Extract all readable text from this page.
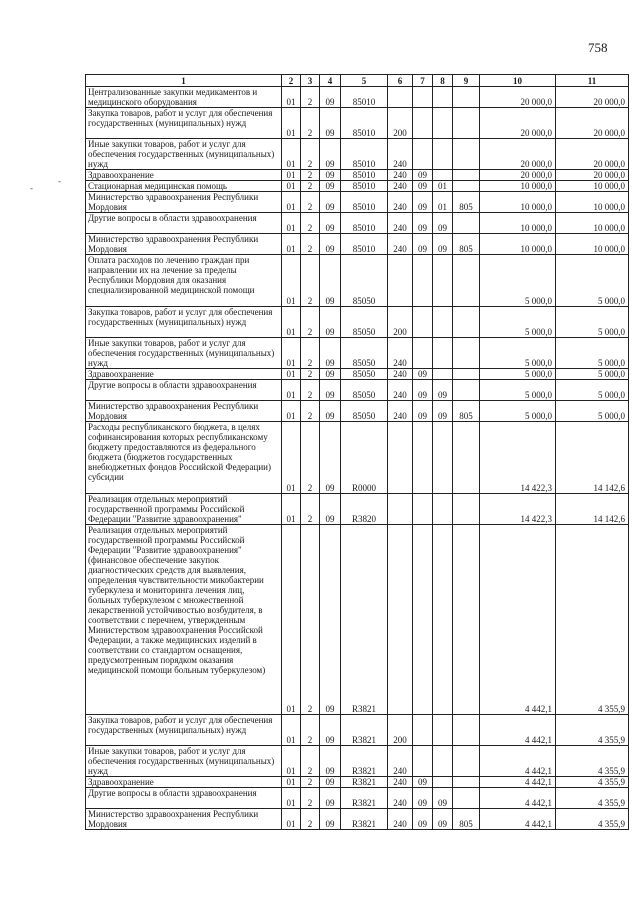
758
-
-
1	2	3	4	5	6	7	8	9	10	11
Централизованные закупки медикаментов и медицинского оборудования	01	2	09	85010					20 000,0	20 000,0
Закупка товаров, работ и услуг для обеспечения государственных (муниципальных) нужд	01	2	09	85010	200				20 000,0	20 000,0
Иные закупки товаров, работ и услуг для обеспечения государственных (муниципальных) нужд	01	2	09	85010	240				20 000,0	20 000,0
Здравоохранение	01	2	09	85010	240	09			20 000,0	20 000,0
Стационарная медицинская помощь	01	2	09	85010	240	09	01		10 000,0	10 000,0
Министерство здравоохранения Республики Мордовия	01	2	09	85010	240	09	01	805	10 000,0	10 000,0
Другие вопросы в области здравоохранения	01	2	09	85010	240	09	09		10 000,0	10 000,0
Министерство здравоохранения Республики Мордовия	01	2	09	85010	240	09	09	805	10 000,0	10 000,0
Оплата расходов по лечению граждан при направлении их на лечение за пределы Республики Мордовия для оказания специализированной медицинской помощи	01	2	09	85050					5 000,0	5 000,0
Закупка товаров, работ и услуг для обеспечения государственных (муниципальных) нужд	01	2	09	85050	200				5 000,0	5 000,0
Иные закупки товаров, работ и услуг для обеспечения государственных (муниципальных) нужд	01	2	09	85050	240				5 000,0	5 000,0
Здравоохранение	01	2	09	85050	240	09			5 000,0	5 000,0
Другие вопросы в области здравоохранения	01	2	09	85050	240	09	09		5 000,0	5 000,0
Министерство здравоохранения Республики Мордовия	01	2	09	85050	240	09	09	805	5 000,0	5 000,0
Расходы республиканского бюджета, в целях софинансирования которых республиканскому бюджету предоставляются из федерального бюджета (бюджетов государственных внебюджетных фондов Российской Федерации) субсидии	01	2	09	R0000					14 422,3	14 142,6
Реализация отдельных мероприятий государственной программы Российской Федерации "Развитие здравоохранения"	01	2	09	R3820					14 422,3	14 142,6
Реализация отдельных мероприятий государственной программы Российской Федерации "Развитие здравоохранения" (финансовое обеспечение закупок диагностических средств для выявления, определения чувствительности микобактерии туберкулеза и мониторинга лечения лиц, больных туберкулезом с множественной лекарственной устойчивостью возбудителя, в соответствии с перечнем, утвержденным Министерством здравоохранения Российской Федерации, а также медицинских изделий в соответствии со стандартом оснащения, предусмотренным порядком оказания медицинской помощи больным туберкулезом)	01	2	09	R3821					4 442,1	4 355,9
Закупка товаров, работ и услуг для обеспечения государственных (муниципальных) нужд	01	2	09	R3821	200				4 442,1	4 355,9
Иные закупки товаров, работ и услуг для обеспечения государственных (муниципальных) нужд	01	2	09	R3821	240				4 442,1	4 355,9
Здравоохранение	01	2	09	R3821	240	09			4 442,1	4 355,9
Другие вопросы в области здравоохранения	01	2	09	R3821	240	09	09		4 442,1	4 355,9
Министерство здравоохранения Республики Мордовия	01	2	09	R3821	240	09	09	805	4 442,1	4 355,9
